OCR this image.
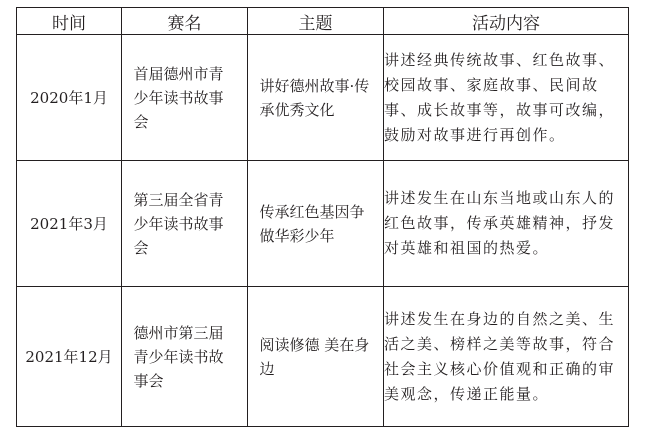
时间	赛名	主题	活动内容
2020年1月	首届德州市青少年读书故事会	讲好德州故事·传承优秀文化	讲述经典传统故事、红色故事、校园故事、家庭故事、民间故事、成长故事等，故事可改编，鼓励对故事进行再创作。
2021年3月	第三届全省青少年读书故事会	传承红色基因争做华彩少年	讲述发生在山东当地或山东人的红色故事，传承英雄精神，抒发对英雄和祖国的热爱。
2021年12月	德州市第三届青少年读书故事会	阅读修德 美在身边	讲述发生在身边的自然之美、生活之美、榜样之美等故事，符合社会主义核心价值观和正确的审美观念，传递正能量。
